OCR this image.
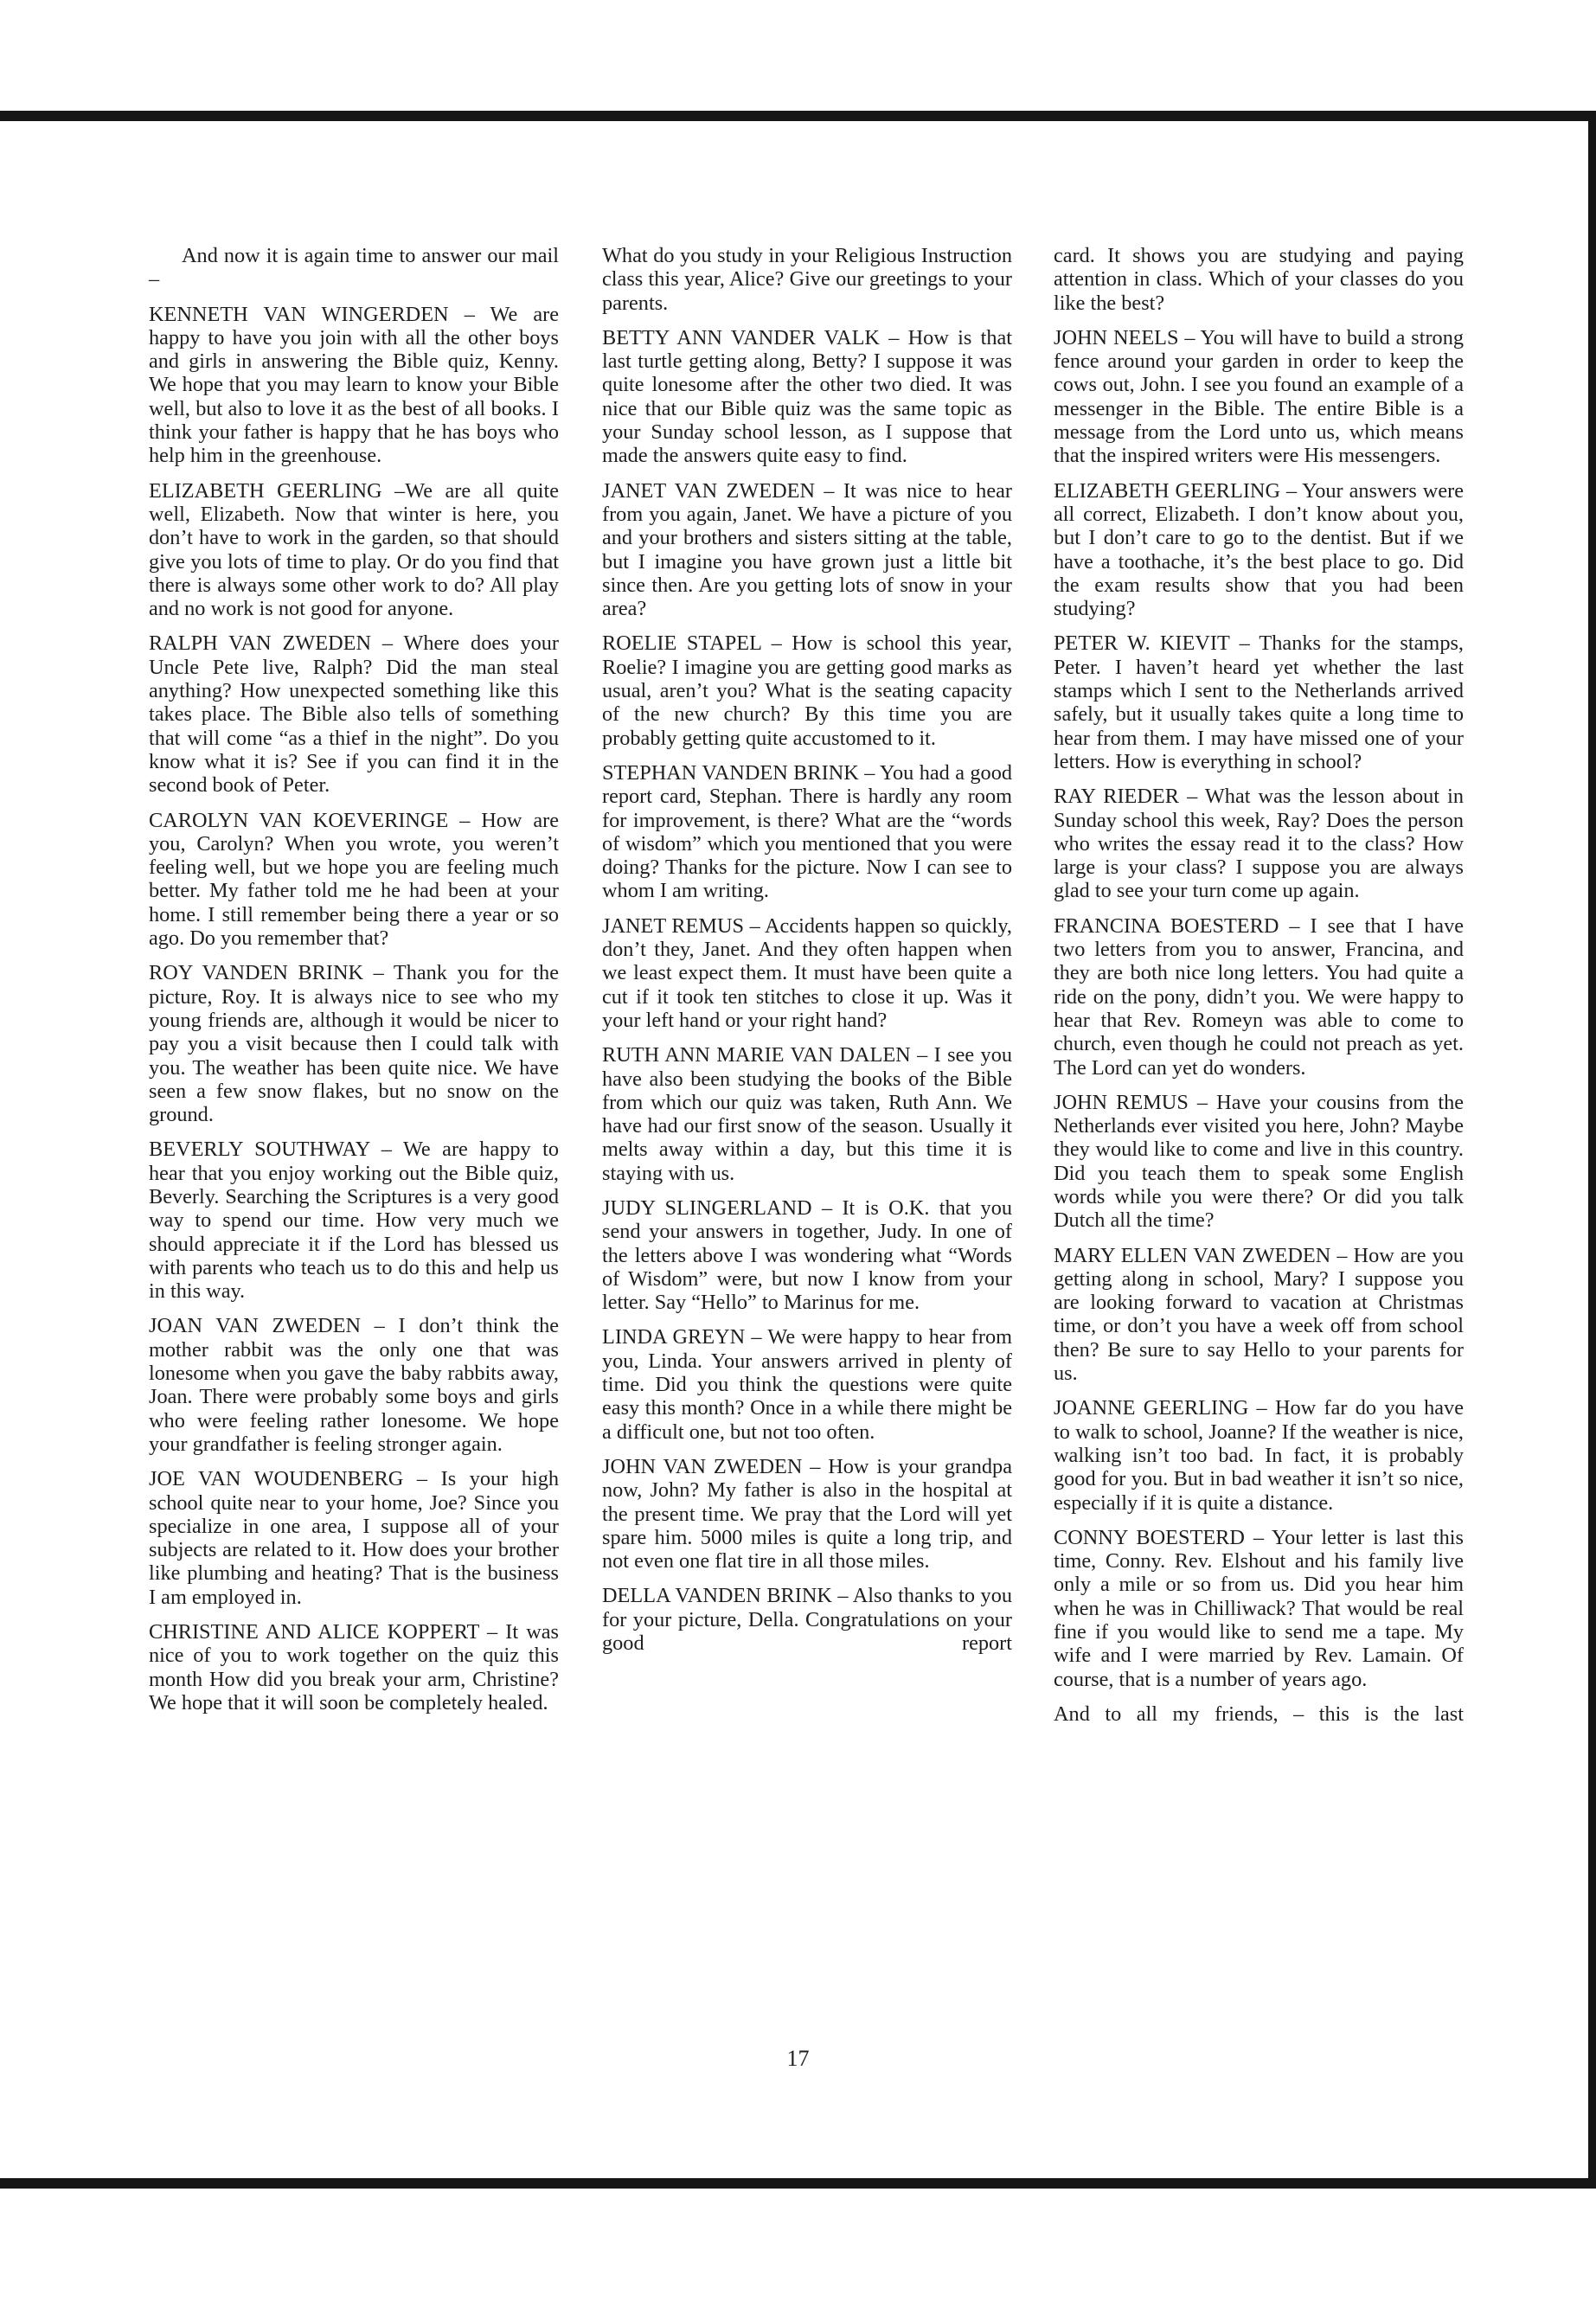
And now it is again time to answer our mail –

KENNETH VAN WINGERDEN – We are happy to have you join with all the other boys and girls in answering the Bible quiz, Kenny. We hope that you may learn to know your Bible well, but also to love it as the best of all books. I think your father is happy that he has boys who help him in the greenhouse.

ELIZABETH GEERLING –We are all quite well, Elizabeth. Now that winter is here, you don’t have to work in the garden, so that should give you lots of time to play. Or do you find that there is always some other work to do? All play and no work is not good for anyone.

RALPH VAN ZWEDEN – Where does your Uncle Pete live, Ralph? Did the man steal anything? How unexpected something like this takes place. The Bible also tells of something that will come “as a thief in the night”. Do you know what it is? See if you can find it in the second book of Peter.

CAROLYN VAN KOEVERINGE – How are you, Carolyn? When you wrote, you weren’t feeling well, but we hope you are feeling much better. My father told me he had been at your home. I still remember being there a year or so ago. Do you remember that?

ROY VANDEN BRINK – Thank you for the picture, Roy. It is always nice to see who my young friends are, although it would be nicer to pay you a visit because then I could talk with you. The weather has been quite nice. We have seen a few snow flakes, but no snow on the ground.

BEVERLY SOUTHWAY – We are happy to hear that you enjoy working out the Bible quiz, Beverly. Searching the Scriptures is a very good way to spend our time. How very much we should appreciate it if the Lord has blessed us with parents who teach us to do this and help us in this way.

JOAN VAN ZWEDEN – I don’t think the mother rabbit was the only one that was lonesome when you gave the baby rabbits away, Joan. There were probably some boys and girls who were feeling rather lonesome. We hope your grandfather is feeling stronger again.

JOE VAN WOUDENBERG – Is your high school quite near to your home, Joe? Since you specialize in one area, I suppose all of your subjects are related to it. How does your brother like plumbing and heating? That is the business I am employed in.

CHRISTINE AND ALICE KOPPERT – It was nice of you to work together on the quiz this month How did you break your arm, Christine? We hope that it will soon be completely healed.

What do you study in your Religious Instruction class this year, Alice? Give our greetings to your parents.

BETTY ANN VANDER VALK – How is that last turtle getting along, Betty? I suppose it was quite lonesome after the other two died. It was nice that our Bible quiz was the same topic as your Sunday school lesson, as I suppose that made the answers quite easy to find.

JANET VAN ZWEDEN – It was nice to hear from you again, Janet. We have a picture of you and your brothers and sisters sitting at the table, but I imagine you have grown just a little bit since then. Are you getting lots of snow in your area?

ROELIE STAPEL – How is school this year, Roelie? I imagine you are getting good marks as usual, aren’t you? What is the seating capacity of the new church? By this time you are probably getting quite accustomed to it.

STEPHAN VANDEN BRINK – You had a good report card, Stephan. There is hardly any room for improvement, is there? What are the “words of wisdom” which you mentioned that you were doing? Thanks for the picture. Now I can see to whom I am writing.

JANET REMUS – Accidents happen so quickly, don’t they, Janet. And they often happen when we least expect them. It must have been quite a cut if it took ten stitches to close it up. Was it your left hand or your right hand?

RUTH ANN MARIE VAN DALEN – I see you have also been studying the books of the Bible from which our quiz was taken, Ruth Ann. We have had our first snow of the season. Usually it melts away within a day, but this time it is staying with us.

JUDY SLINGERLAND – It is O.K. that you send your answers in together, Judy. In one of the letters above I was wondering what “Words of Wisdom” were, but now I know from your letter. Say “Hello” to Marinus for me.

LINDA GREYN – We were happy to hear from you, Linda. Your answers arrived in plenty of time. Did you think the questions were quite easy this month? Once in a while there might be a difficult one, but not too often.

JOHN VAN ZWEDEN – How is your grandpa now, John? My father is also in the hospital at the present time. We pray that the Lord will yet spare him. 5000 miles is quite a long trip, and not even one flat tire in all those miles.

DELLA VANDEN BRINK – Also thanks to you for your picture, Della. Congratulations on your good report

card. It shows you are studying and paying attention in class. Which of your classes do you like the best?

JOHN NEELS – You will have to build a strong fence around your garden in order to keep the cows out, John. I see you found an example of a messenger in the Bible. The entire Bible is a message from the Lord unto us, which means that the inspired writers were His messengers.

ELIZABETH GEERLING – Your answers were all correct, Elizabeth. I don’t know about you, but I don’t care to go to the dentist. But if we have a toothache, it’s the best place to go. Did the exam results show that you had been studying?

PETER W. KIEVIT – Thanks for the stamps, Peter. I haven’t heard yet whether the last stamps which I sent to the Netherlands arrived safely, but it usually takes quite a long time to hear from them. I may have missed one of your letters. How is everything in school?

RAY RIEDER – What was the lesson about in Sunday school this week, Ray? Does the person who writes the essay read it to the class? How large is your class? I suppose you are always glad to see your turn come up again.

FRANCINA BOESTERD – I see that I have two letters from you to answer, Francina, and they are both nice long letters. You had quite a ride on the pony, didn’t you. We were happy to hear that Rev. Romeyn was able to come to church, even though he could not preach as yet. The Lord can yet do wonders.

JOHN REMUS – Have your cousins from the Netherlands ever visited you here, John? Maybe they would like to come and live in this country. Did you teach them to speak some English words while you were there? Or did you talk Dutch all the time?

MARY ELLEN VAN ZWEDEN – How are you getting along in school, Mary? I suppose you are looking forward to vacation at Christmas time, or don’t you have a week off from school then? Be sure to say Hello to your parents for us.

JOANNE GEERLING – How far do you have to walk to school, Joanne? If the weather is nice, walking isn’t too bad. In fact, it is probably good for you. But in bad weather it isn’t so nice, especially if it is quite a distance.

CONNY BOESTERD – Your letter is last this time, Conny. Rev. Elshout and his family live only a mile or so from us. Did you hear him when he was in Chilliwack? That would be real fine if you would like to send me a tape. My wife and I were married by Rev. Lamain. Of course, that is a number of years ago.

And to all my friends, – this is the last

17
